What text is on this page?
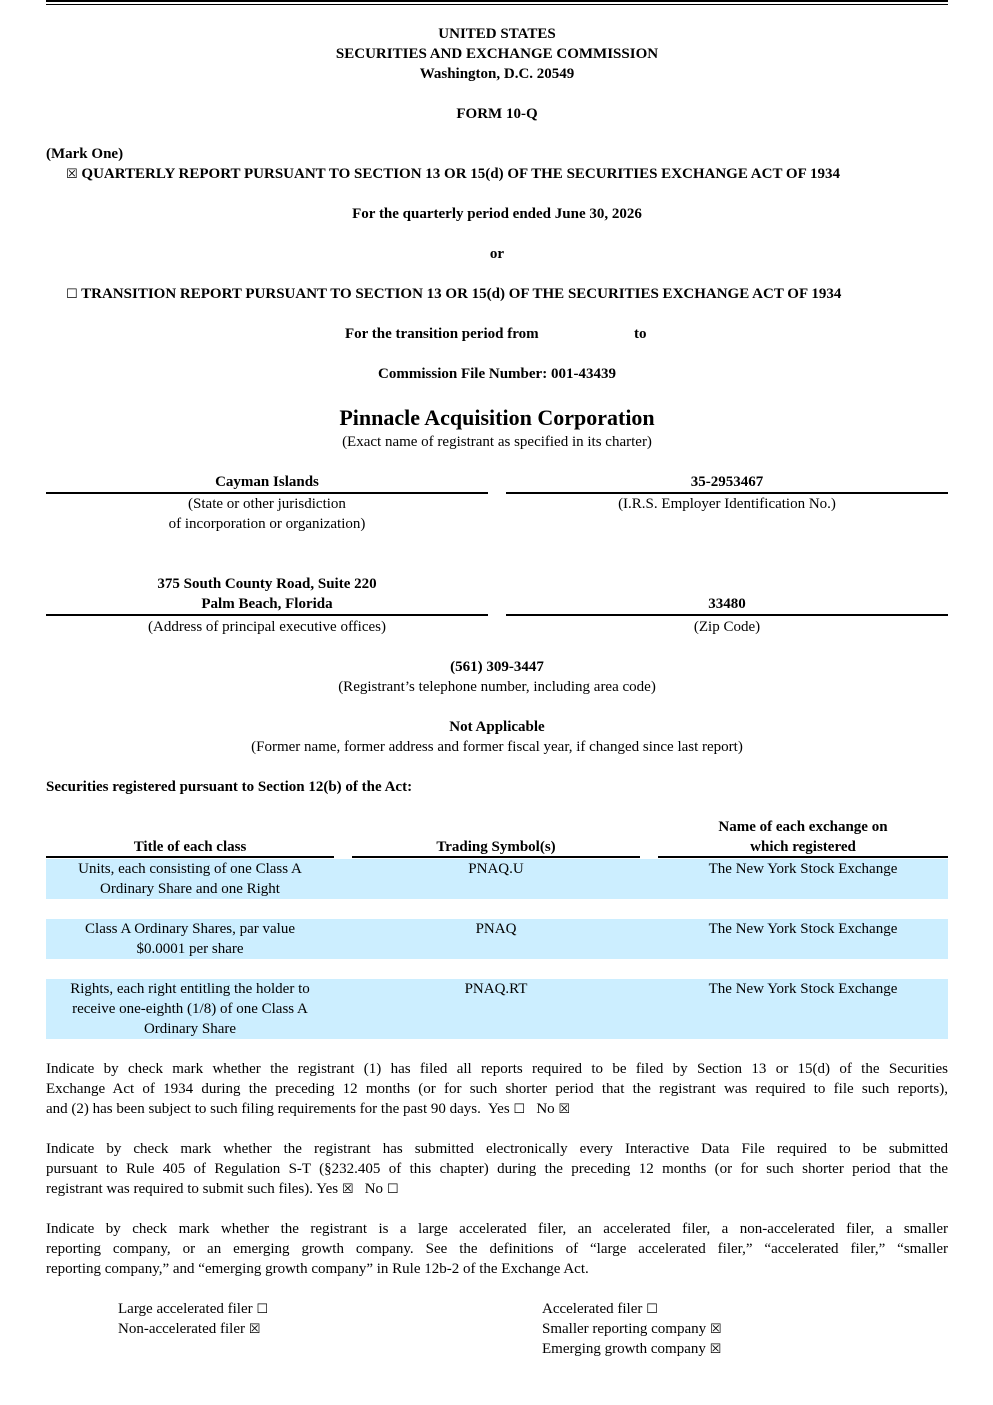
UNITED STATES
SECURITIES AND EXCHANGE COMMISSION
Washington, D.C. 20549
FORM 10-Q
(Mark One)
☒ QUARTERLY REPORT PURSUANT TO SECTION 13 OR 15(d) OF THE SECURITIES EXCHANGE ACT OF 1934
For the quarterly period ended June 30, 2026
or
☐ TRANSITION REPORT PURSUANT TO SECTION 13 OR 15(d) OF THE SECURITIES EXCHANGE ACT OF 1934
For the transition period from	to
Commission File Number: 001-43439
Pinnacle Acquisition Corporation
(Exact name of registrant as specified in its charter)
Cayman Islands
(State or other jurisdiction
of incorporation or organization)
35-2953467
(I.R.S. Employer Identification No.)
375 South County Road, Suite 220
Palm Beach, Florida
(Address of principal executive offices)
33480
(Zip Code)
(561) 309-3447
(Registrant’s telephone number, including area code)
Not Applicable
(Former name, former address and former fiscal year, if changed since last report)
Securities registered pursuant to Section 12(b) of the Act:
Title of each class	Trading Symbol(s)
Name of each exchange on
which registered
Units, each consisting of one Class A
Ordinary Share and one Right
PNAQ.U	The New York Stock Exchange
Class A Ordinary Shares, par value
$0.0001 per share
PNAQ	The New York Stock Exchange
Rights, each right entitling the holder to
receive one-eighth (1/8) of one Class A
Ordinary Share
PNAQ.RT	The New York Stock Exchange
Indicate by check mark whether the registrant (1) has filed all reports required to be filed by Section 13 or 15(d) of the Securities
Exchange Act of 1934 during the preceding 12 months (or for such shorter period that the registrant was required to file such reports),
and (2) has been subject to such filing requirements for the past 90 days. Yes ☐ No ☒
Indicate by check mark whether the registrant has submitted electronically every Interactive Data File required to be submitted
pursuant to Rule 405 of Regulation S-T (§232.405 of this chapter) during the preceding 12 months (or for such shorter period that the
registrant was required to submit such files). Yes ☒ No ☐
Indicate by check mark whether the registrant is a large accelerated filer, an accelerated filer, a non-accelerated filer, a smaller
reporting company, or an emerging growth company. See the definitions of “large accelerated filer,” “accelerated filer,” “smaller
reporting company,” and “emerging growth company” in Rule 12b-2 of the Exchange Act.
Large accelerated filer ☐
Non-accelerated filer ☒
Accelerated filer ☐
Smaller reporting company ☒
Emerging growth company ☒
